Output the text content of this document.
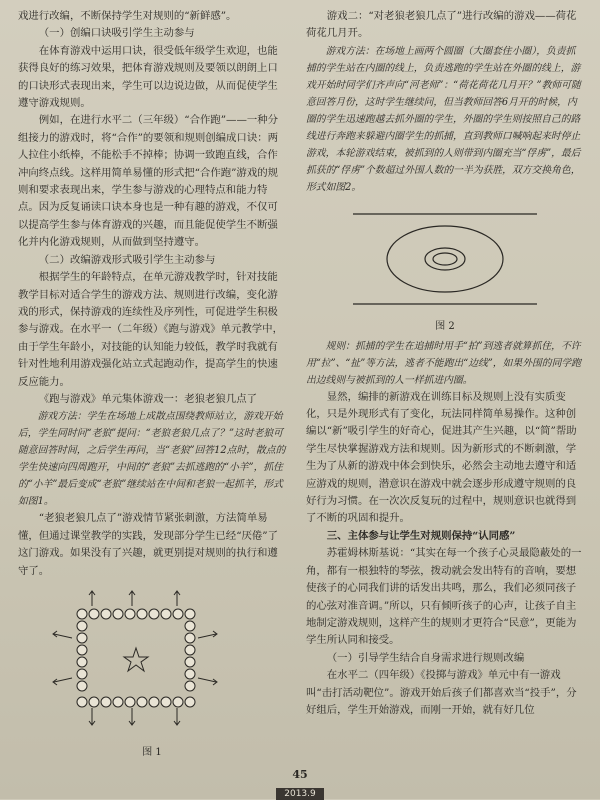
戏进行改编，不断保持学生对规则的“新鲜感”。

（一）创编口诀吸引学生主动参与

在体育游戏中运用口诀，很受低年级学生欢迎，也能获得良好的练习效果，把体育游戏规则及要领以朗朗上口的口诀形式表现出来，学生可以边说边做，从而促使学生遵守游戏规则。

例如，在进行水平二（三年级）“合作跑”——一种分组接力的游戏时，将“合作”的要领和规则创编成口诀：两人拉住小纸棒，不能松手不掉棒；协调一致跑直线，合作冲向终点线。这样用简单易懂的形式把“合作跑”游戏的规则和要求表现出来，学生参与游戏的心理特点和能力特点。因为反复诵读口诀本身也是一种有趣的游戏，不仅可以提高学生参与体育游戏的兴趣，而且能促使学生不断强化并内化游戏规则，从而做到坚持遵守。

（二）改编游戏形式吸引学生主动参与

根据学生的年龄特点，在单元游戏教学时，针对技能教学目标对适合学生的游戏方法、规则进行改编，变化游戏的形式，保持游戏的连续性及序列性，可促进学生积极参与游戏。在水平一（二年级）《跑与游戏》单元教学中，由于学生年龄小，对技能的认知能力较低，教学时我就有针对性地利用游戏强化站立式起跑动作，提高学生的快速反应能力。

《跑与游戏》单元集体游戏一：老狼老狼几点了

游戏方法：学生在场地上成散点围绕教师站立，游戏开始后，学生同时问“老狼”提问：“老狼老狼几点了？”这时老狼可随意回答时间，之后学生再问，当“老狼”回答12点时，散点的学生快速向四周跑开，中间的“老狼”去抓逃跑的“小羊”，抓住的“小羊”最后变成“老狼”继续站在中间和老狼一起抓羊，形式如图1。

“老狼老狼几点了”游戏情节紧张刺激，方法简单易懂，但通过课堂教学的实践，发现部分学生已经“厌倦”了这门游戏。如果没有了兴趣，就更别提对规则的执行和遵守了。

图 1

游戏二：“对老狼老狼几点了”进行改编的游戏——荷花荷花几月开。

游戏方法：在场地上画两个圆圈（大圈套住小圈），负责抓捕的学生站在内圈的线上，负责逃跑的学生站在外圈的线上，游戏开始时同学们齐声向“河老师”：“荷花荷花几月开？”教师可随意回答月份，这时学生继续问，但当教师回答6月开的时候，内圈的学生迅速跑越去抓外圈的学生，外圈的学生则按照自己的路线进行奔跑来躲避内圈学生的抓捕，直到教师口喊响起来时停止游戏，本轮游戏结束，被抓到的人则带到内圈充当“俘虏”，最后抓获的“俘虏”个数超过外围人数的一半为获胜，双方交换角色，形式如图2。

图 2

规则：抓捕的学生在追捕时用手“拍”到逃者就算抓住，不许用“拉”、“扯”等方法，逃者不能跑出“边线”，如果外围的同学跑出边线则与被抓到的人一样抓进内圈。

显然，编排的新游戏在训练目标及规则上没有实质变化，只是外现形式有了变化，玩法同样简单易操作。这种创编以“新”吸引学生的好奇心，促进其产生兴趣，以“简”帮助学生尽快掌握游戏方法和规则。因为新形式的不断刺激，学生为了从新的游戏中体会到快乐，必然会主动地去遵守和适应游戏的规则，潜意识在游戏中就会逐步形成遵守规则的良好行为习惯。在一次次反复玩的过程中，规则意识也就得到了不断的巩固和提升。

三、主体参与让学生对规则保持“认同感”

苏霍姆林斯基说：“其实在每一个孩子心灵最隐蔽处的一角，都有一根独特的琴弦，拨动就会发出特有的音响，要想使孩子的心同我们讲的话发出共鸣，那么，我们必须同孩子的心弦对准音调。”所以，只有倾听孩子的心声，让孩子自主地制定游戏规则，这样产生的规则才更符合“民意”，更能为学生所认同和接受。

（一）引导学生结合自身需求进行规则改编

在水平二（四年级）《投掷与游戏》单元中有一游戏叫“击打活动靶位”。游戏开始后孩子们都喜欢当“投手”，分好组后，学生开始游戏，而刚一开始，就有好几位

45
2013.9
